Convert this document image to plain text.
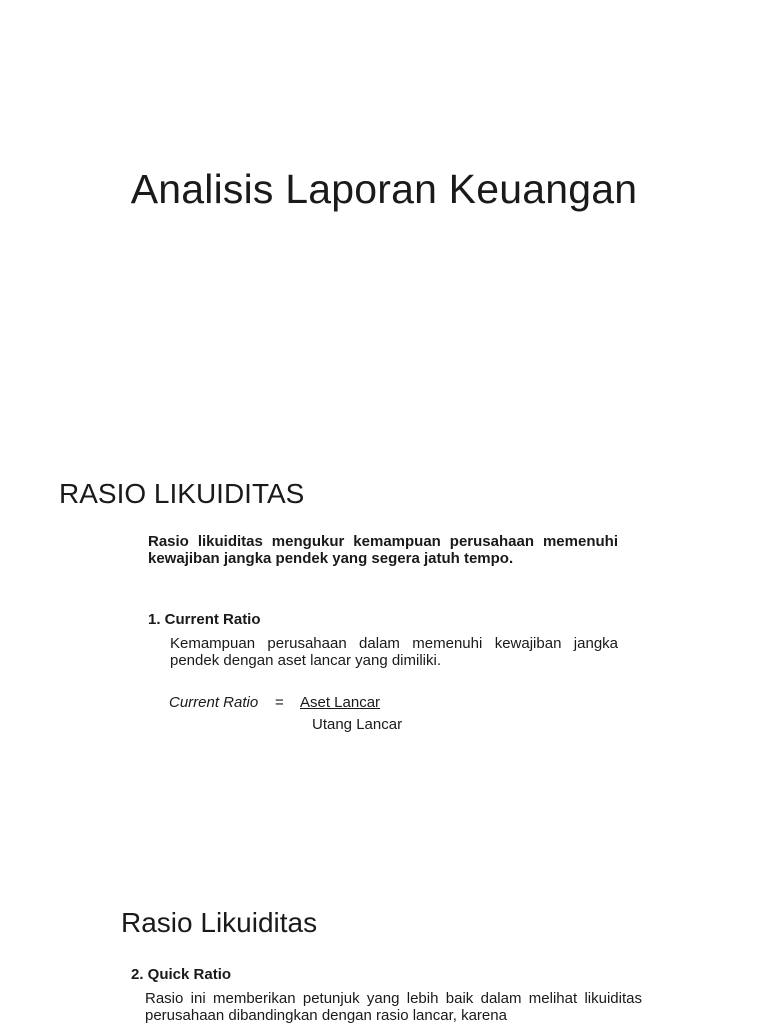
Analisis Laporan Keuangan
RASIO LIKUIDITAS

Rasio likuiditas mengukur kemampuan perusahaan memenuhi kewajiban jangka pendek yang segera jatuh tempo.

1. Current Ratio

Kemampuan perusahaan dalam memenuhi kewajiban jangka pendek dengan aset lancar yang dimiliki.

Current Ratio = Aset Lancar
Utang Lancar
Rasio Likuiditas

2. Quick Ratio

Rasio ini memberikan petunjuk yang lebih baik dalam melihat likuiditas perusahaan dibandingkan dengan rasio lancar, karena
